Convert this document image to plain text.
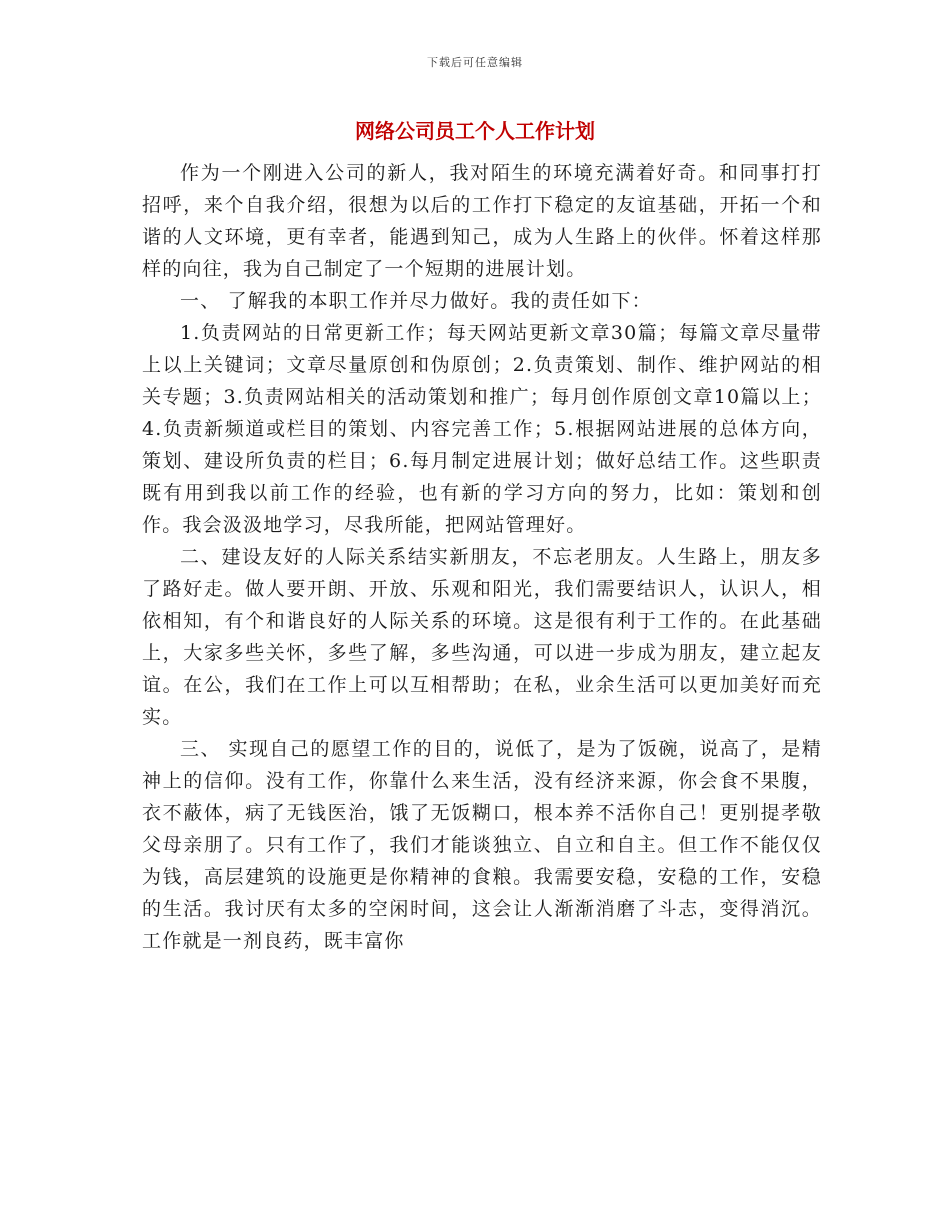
下载后可任意编辑
网络公司员工个人工作计划

作为一个刚进入公司的新人，我对陌生的环境充满着好奇。和同事打打招呼，来个自我介绍，很想为以后的工作打下稳定的友谊基础，开拓一个和谐的人文环境，更有幸者，能遇到知己，成为人生路上的伙伴。怀着这样那样的向往，我为自己制定了一个短期的进展计划。

一、 了解我的本职工作并尽力做好。我的责任如下：

1.负责网站的日常更新工作；每天网站更新文章30篇；每篇文章尽量带上以上关键词；文章尽量原创和伪原创；2.负责策划、制作、维护网站的相关专题；3.负责网站相关的活动策划和推广；每月创作原创文章10篇以上；4.负责新频道或栏目的策划、内容完善工作；5.根据网站进展的总体方向，策划、建设所负责的栏目；6.每月制定进展计划；做好总结工作。这些职责既有用到我以前工作的经验，也有新的学习方向的努力，比如：策划和创作。我会汲汲地学习，尽我所能，把网站管理好。

二、建设友好的人际关系结实新朋友，不忘老朋友。人生路上，朋友多了路好走。做人要开朗、开放、乐观和阳光，我们需要结识人，认识人，相依相知，有个和谐良好的人际关系的环境。这是很有利于工作的。在此基础上，大家多些关怀，多些了解，多些沟通，可以进一步成为朋友，建立起友谊。在公，我们在工作上可以互相帮助；在私，业余生活可以更加美好而充实。

三、 实现自己的愿望工作的目的，说低了，是为了饭碗，说高了，是精神上的信仰。没有工作，你靠什么来生活，没有经济来源，你会食不果腹，衣不蔽体，病了无钱医治，饿了无饭糊口，根本养不活你自己！更别提孝敬父母亲朋了。只有工作了，我们才能谈独立、自立和自主。但工作不能仅仅为钱，高层建筑的设施更是你精神的食粮。我需要安稳，安稳的工作，安稳的生活。我讨厌有太多的空闲时间，这会让人渐渐消磨了斗志，变得消沉。工作就是一剂良药，既丰富你
